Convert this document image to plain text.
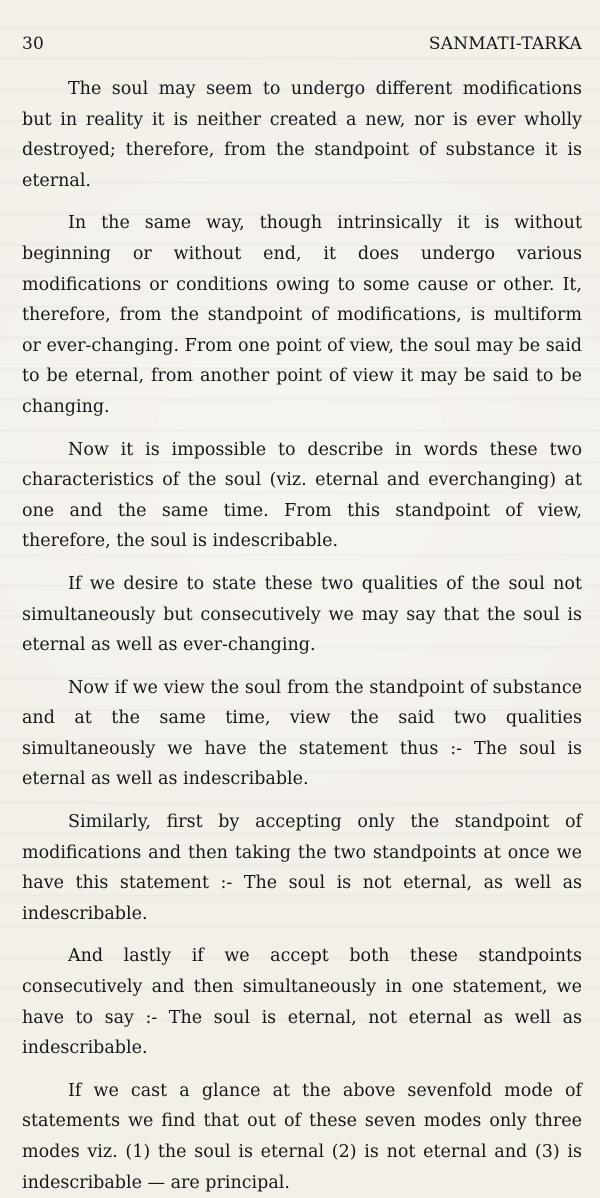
30	SANMATI-TARKA

The soul may seem to undergo different modifications but in reality it is neither created a new, nor is ever wholly destroyed; therefore, from the standpoint of substance it is eternal.

In the same way, though intrinsically it is without beginning or without end, it does undergo various modifications or conditions owing to some cause or other. It, therefore, from the standpoint of modifications, is multiform or ever-changing. From one point of view, the soul may be said to be eternal, from another point of view it may be said to be changing.

Now it is impossible to describe in words these two characteristics of the soul (viz. eternal and everchanging) at one and the same time. From this standpoint of view, therefore, the soul is indescribable.

If we desire to state these two qualities of the soul not simultaneously but consecutively we may say that the soul is eternal as well as ever-changing.

Now if we view the soul from the standpoint of substance and at the same time, view the said two qualities simultaneously we have the statement thus :- The soul is eternal as well as indescribable.

Similarly, first by accepting only the standpoint of modifications and then taking the two standpoints at once we have this statement :- The soul is not eternal, as well as indescribable.

And lastly if we accept both these standpoints consecutively and then simultaneously in one statement, we have to say :- The soul is eternal, not eternal as well as indescribable.

If we cast a glance at the above sevenfold mode of statements we find that out of these seven modes only three modes viz. (1) the soul is eternal (2) is not eternal and (3) is indescribable — are principal.
